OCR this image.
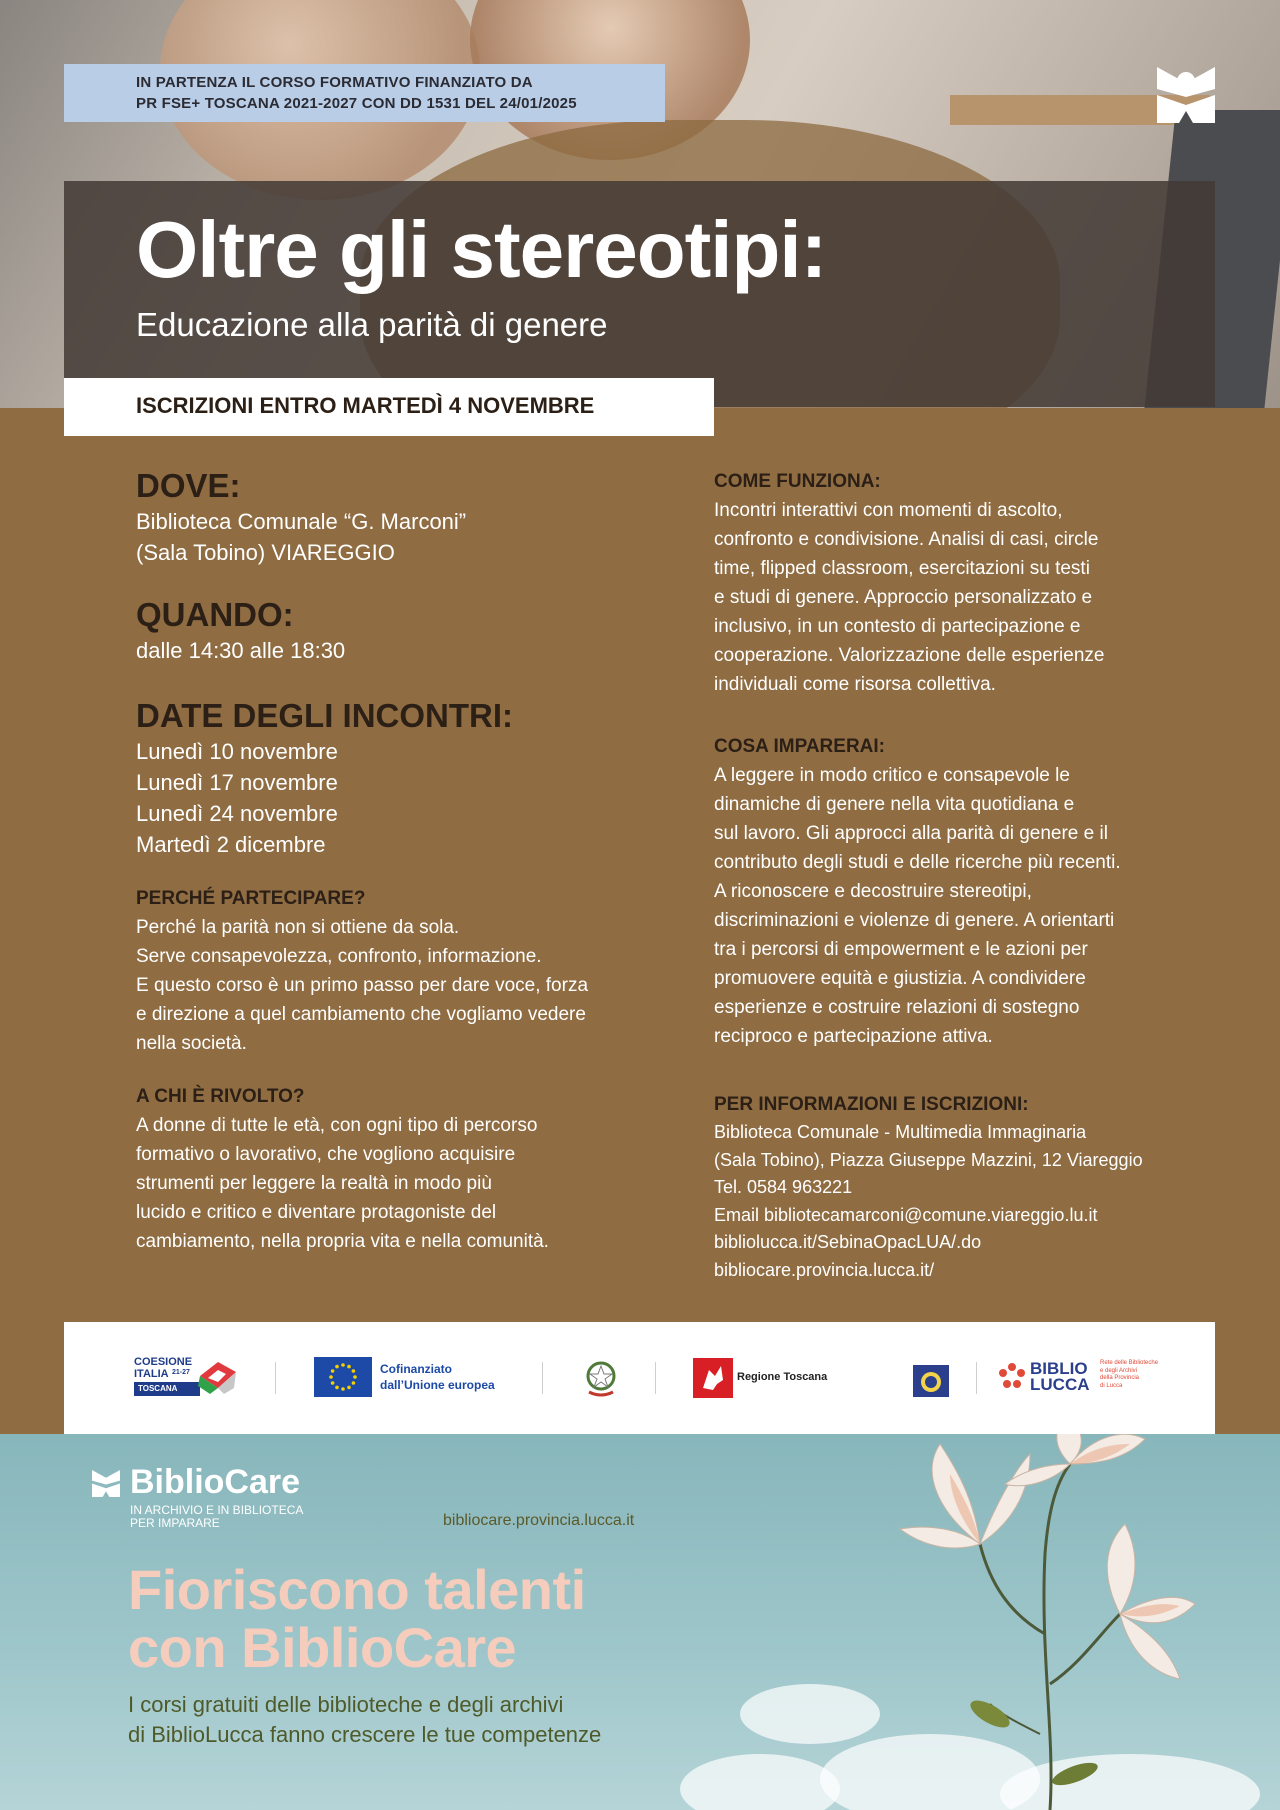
IN PARTENZA IL CORSO FORMATIVO FINANZIATO DA
PR FSE+ TOSCANA 2021-2027 CON DD 1531 DEL 24/01/2025
Oltre gli stereotipi:
Educazione alla parità di genere
ISCRIZIONI ENTRO MARTEDÌ 4 NOVEMBRE

DOVE:

Biblioteca Comunale “G. Marconi”

(Sala Tobino) VIAREGGIO

QUANDO:

dalle 14:30 alle 18:30

DATE DEGLI INCONTRI:

Lunedì 10 novembre

Lunedì 17 novembre

Lunedì 24 novembre

Martedì 2 dicembre

PERCHÉ PARTECIPARE?

Perché la parità non si ottiene da sola.
Serve consapevolezza, confronto, informazione.
E questo corso è un primo passo per dare voce, forza
e direzione a quel cambiamento che vogliamo vedere
nella società.

A CHI È RIVOLTO?

A donne di tutte le età, con ogni tipo di percorso
formativo o lavorativo, che vogliono acquisire
strumenti per leggere la realtà in modo più
lucido e critico e diventare protagoniste del
cambiamento, nella propria vita e nella comunità.

COME FUNZIONA:

Incontri interattivi con momenti di ascolto,
confronto e condivisione. Analisi di casi, circle
time, flipped classroom, esercitazioni su testi
e studi di genere. Approccio personalizzato e
inclusivo, in un contesto di partecipazione e
cooperazione. Valorizzazione delle esperienze
individuali come risorsa collettiva.

COSA IMPARERAI:

A leggere in modo critico e consapevole le
dinamiche di genere nella vita quotidiana e
sul lavoro. Gli approcci alla parità di genere e il
contributo degli studi e delle ricerche più recenti.
A riconoscere e decostruire stereotipi,
discriminazioni e violenze di genere. A orientarti
tra i percorsi di empowerment e le azioni per
promuovere equità e giustizia. A condividere
esperienze e costruire relazioni di sostegno
reciproco e partecipazione attiva.

PER INFORMAZIONI E ISCRIZIONI:

Biblioteca Comunale - Multimedia Immaginaria
(Sala Tobino), Piazza Giuseppe Mazzini, 12 Viareggio
Tel. 0584 963221
Email bibliotecamarconi@comune.viareggio.lu.it
bibliolucca.it/SebinaOpacLUA/.do
bibliocare.provincia.lucca.it/

COESIONE
ITALIA 21-27
TOSCANA
Cofinanziato
dall’Unione europea
Regione Toscana	BIBLIO
LUCCA
Rete delle Biblioteche
e degli Archivi
della Provincia
di Lucca
BiblioCare
IN ARCHIVIO E IN BIBLIOTECA
PER IMPARARE	bibliocare.provincia.lucca.it
Fioriscono talenti
con BiblioCare
I corsi gratuiti delle biblioteche e degli archivi
di BiblioLucca fanno crescere le tue competenze
